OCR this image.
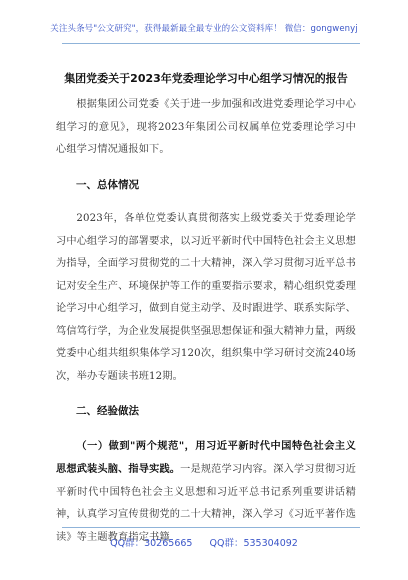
关注头条号"公文研究"，获得最新最全最专业的公文资料库！ 微信：gongwenyj
集团党委关于2023年党委理论学习中心组学习情况的报告

根据集团公司党委《关于进一步加强和改进党委理论学习中心组学习的意见》，现将2023年集团公司权属单位党委理论学习中心组学习情况通报如下。

一、总体情况

2023年，各单位党委认真贯彻落实上级党委关于党委理论学习中心组学习的部署要求，以习近平新时代中国特色社会主义思想为指导，全面学习贯彻党的二十大精神，深入学习贯彻习近平总书记对安全生产、环境保护等工作的重要指示要求，精心组织党委理论学习中心组学习，做到自觉主动学、及时跟进学、联系实际学、笃信笃行学，为企业发展提供坚强思想保证和强大精神力量，两级党委中心组共组织集体学习120次，组织集中学习研讨交流240场次，举办专题读书班12期。

二、经验做法

（一）做到"两个规范"，用习近平新时代中国特色社会主义思想武装头脑、指导实践。一是规范学习内容。深入学习贯彻习近平新时代中国特色社会主义思想和习近平总书记系列重要讲话精神，认真学习宣传贯彻党的二十大精神，深入学习《习近平著作选读》等主题教育指定书籍

QQ群：30265665 QQ群：535304092
